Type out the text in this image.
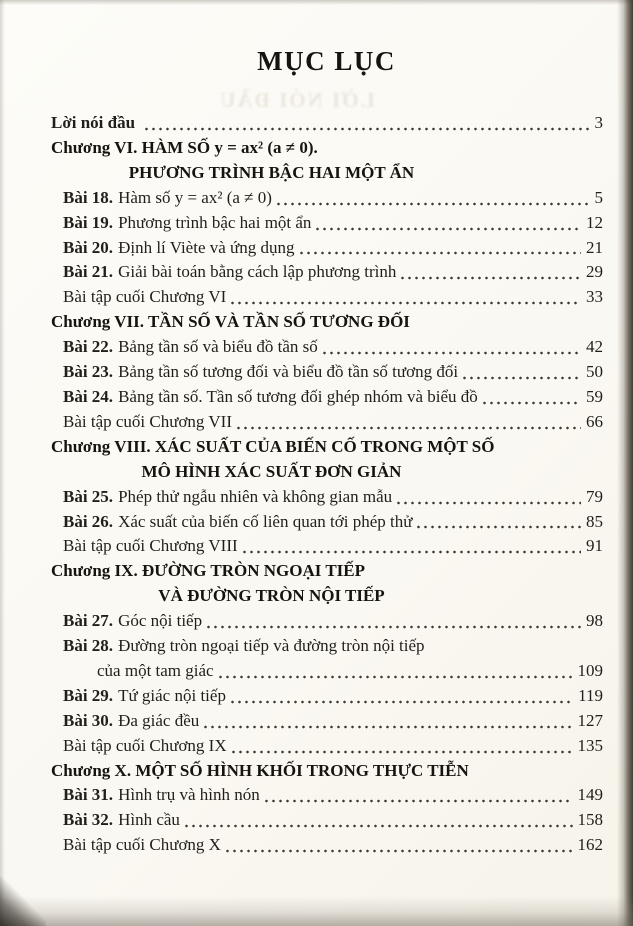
LỜI NÓI ĐẦU
MỤC LỤC
Lời nói đầu	3
Chương VI. HÀM SỐ y = ax² (a ≠ 0).
PHƯƠNG TRÌNH BẬC HAI MỘT ẨN
Bài 18. Hàm số y = ax² (a ≠ 0)	5
Bài 19. Phương trình bậc hai một ẩn	12
Bài 20. Định lí Viète và ứng dụng	21
Bài 21. Giải bài toán bằng cách lập phương trình	29
Bài tập cuối Chương VI	33
Chương VII. TẦN SỐ VÀ TẦN SỐ TƯƠNG ĐỐI
Bài 22. Bảng tần số và biểu đồ tần số	42
Bài 23. Bảng tần số tương đối và biểu đồ tần số tương đối	50
Bài 24. Bảng tần số. Tần số tương đối ghép nhóm và biểu đồ	59
Bài tập cuối Chương VII	66
Chương VIII. XÁC SUẤT CỦA BIẾN CỐ TRONG MỘT SỐ
MÔ HÌNH XÁC SUẤT ĐƠN GIẢN
Bài 25. Phép thử ngẫu nhiên và không gian mẫu	79
Bài 26. Xác suất của biến cố liên quan tới phép thử	85
Bài tập cuối Chương VIII	91
Chương IX. ĐƯỜNG TRÒN NGOẠI TIẾP
VÀ ĐƯỜNG TRÒN NỘI TIẾP
Bài 27. Góc nội tiếp	98
Bài 28. Đường tròn ngoại tiếp và đường tròn nội tiếp
của một tam giác	109
Bài 29. Tứ giác nội tiếp	119
Bài 30. Đa giác đều	127
Bài tập cuối Chương IX	135
Chương X. MỘT SỐ HÌNH KHỐI TRONG THỰC TIỄN
Bài 31. Hình trụ và hình nón	149
Bài 32. Hình cầu	158
Bài tập cuối Chương X	162
